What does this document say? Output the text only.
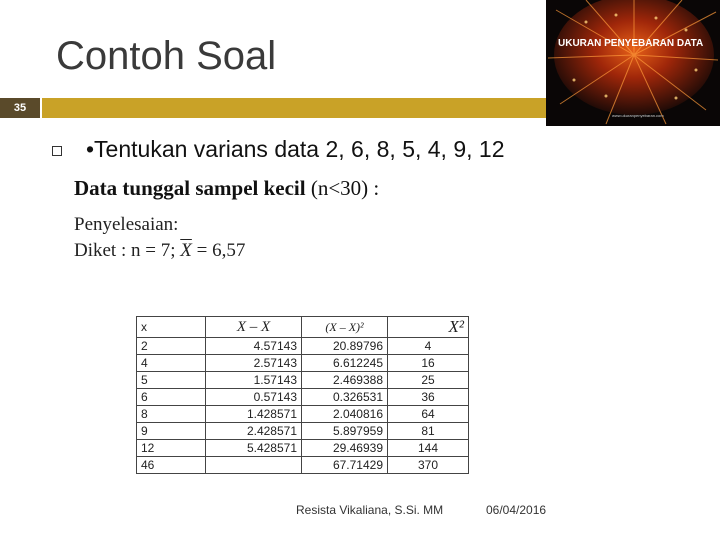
Contoh Soal
35
UKURAN PENYEBARAN DATA
www.ukuranpenyebaran.com
•Tentukan varians data 2, 6, 8, 5, 4, 9, 12
Data tunggal sampel kecil (n<30) :
Penyelesaian:
Diket : n = 7; $\overline{X} = 6,57$
x	X – X	(X – X)²	X²
2	4.57143	20.89796	4
4	2.57143	6.612245	16
5	1.57143	2.469388	25
6	0.57143	0.326531	36
8	1.428571	2.040816	64
9	2.428571	5.897959	81
12	5.428571	29.46939	144
46		67.71429	370
Resista Vikaliana, S.Si. MM	06/04/2016
